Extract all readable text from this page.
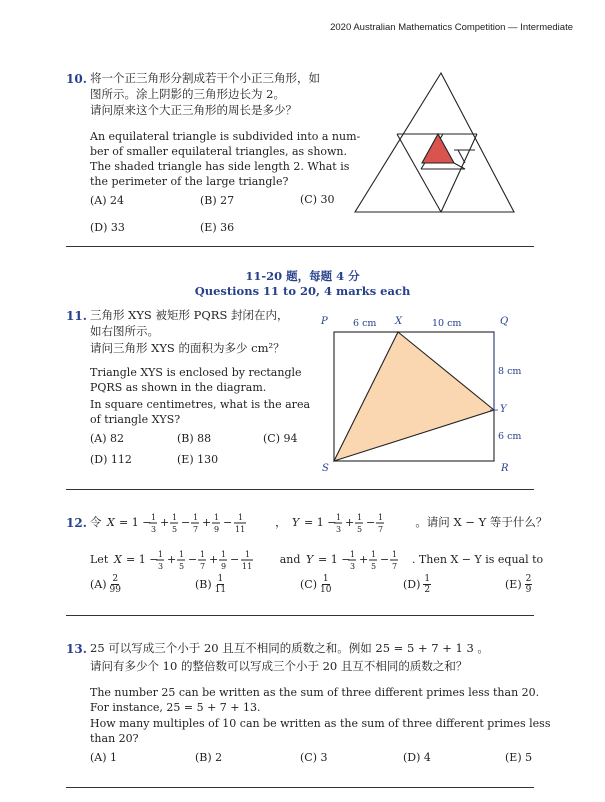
2020 Australian Mathematics Competition — Intermediate
10. 将一个正三角形分割成若干个小正三角形，如
图所示。涂上阴影的三角形边长为 2。
请问原来这个大正三角形的周长是多少？
An equilateral triangle is subdivided into a num-
ber of smaller equilateral triangles, as shown.
The shaded triangle has side length 2. What is
the perimeter of the large triangle?
(A) 24	(B) 27	(C) 30
(D) 33	(E) 36
11-20 题，每题 4 分
Questions 11 to 20, 4 marks each
11. 三角形 XYS 被矩形 PQRS 封闭在内，
如右图所示。
请问三角形 XYS 的面积为多少 cm²？
Triangle XYS is enclosed by rectangle
PQRS as shown in the diagram.
In square centimetres, what is the area
of triangle XYS?
(A) 82	(B) 88	(C) 94
(D) 112	(E) 130
P	X	Q
Y
S	R
6 cm	10 cm
8 cm
6 cm
12. 令 X = 1 − 1
3
+ 1
5
− 1
7
+ 1
9
− 1
11
， Y = 1 − 1
3
+ 1
5
− 1
7
。请问 X − Y 等于什么？
Let X = 1 − 1
3
+ 1
5
− 1
7
+ 1
9
− 1
11
and Y = 1 − 1
3
+ 1
5
− 1
7
. Then X − Y is equal to
$(A) \frac{2}{99}$	$(B) \frac{1}{11}$	$(C) \frac{1}{10}$	$(D) \frac{1}{2}$	$(E) \frac{2}{9}$
13. 25 可以写成三个小于 20 且互不相同的质数之和。例如 25 = 5 + 7 + 1 3 。
请问有多少个 10 的整倍数可以写成三个小于 20 且互不相同的质数之和？
The number 25 can be written as the sum of three different primes less than 20.
For instance, 25 = 5 + 7 + 13.
How many multiples of 10 can be written as the sum of three different primes less
than 20?
(A) 1	(B) 2	(C) 3	(D) 4	(E) 5
